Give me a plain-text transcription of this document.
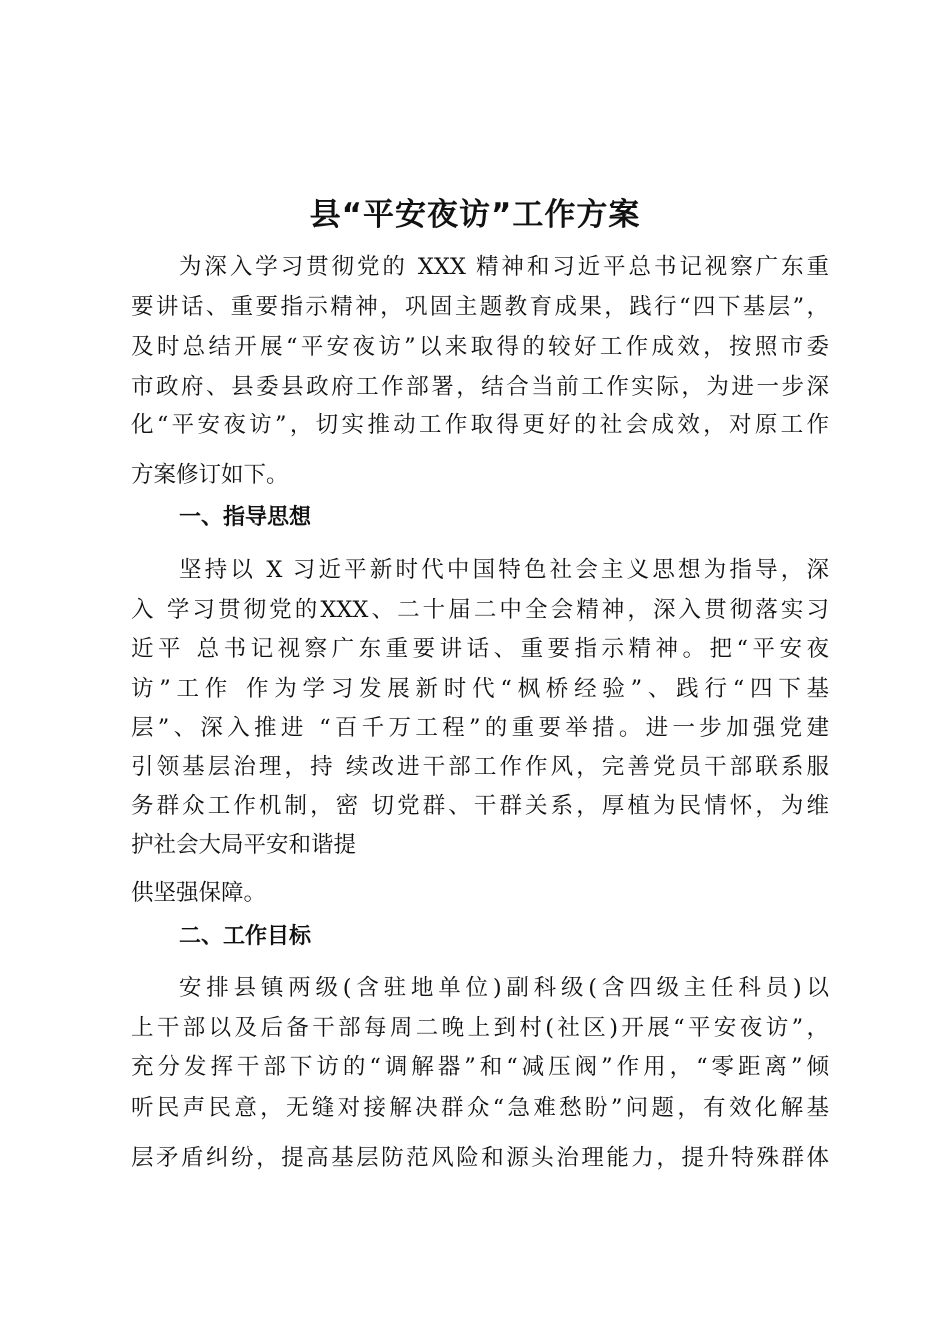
县“平安夜访”工作方案
为深入学习贯彻党的 XXX 精神和习近平总书记视察广东重
要讲话、重要指示精神，巩固主题教育成果，践行“四下基层”，
及时总结开展“平安夜访”以来取得的较好工作成效，按照市委
市政府、县委县政府工作部署，结合当前工作实际，为进一步深
化“平安夜访”，切实推动工作取得更好的社会成效，对原工作
方案修订如下。
一、指导思想
坚持以 X 习近平新时代中国特色社会主义思想为指导，深
入 学习贯彻党的XXX、二十届二中全会精神，深入贯彻落实习
近平 总书记视察广东重要讲话、重要指示精神。把“平安夜
访”工作 作为学习发展新时代“枫桥经验”、践行“四下基
层”、深入推进 “百千万工程”的重要举措。进一步加强党建
引领基层治理，持 续改进干部工作作风，完善党员干部联系服
务群众工作机制，密 切党群、干群关系，厚植为民情怀，为维
护社会大局平安和谐提
供坚强保障。
二、工作目标
安排县镇两级(含驻地单位)副科级(含四级主任科员)以
上干部以及后备干部每周二晚上到村(社区)开展“平安夜访”，
充分发挥干部下访的“调解器”和“减压阀”作用，“零距离”倾
听民声民意，无缝对接解决群众“急难愁盼”问题，有效化解基
层矛盾纠纷，提高基层防范风险和源头治理能力，提升特殊群体
